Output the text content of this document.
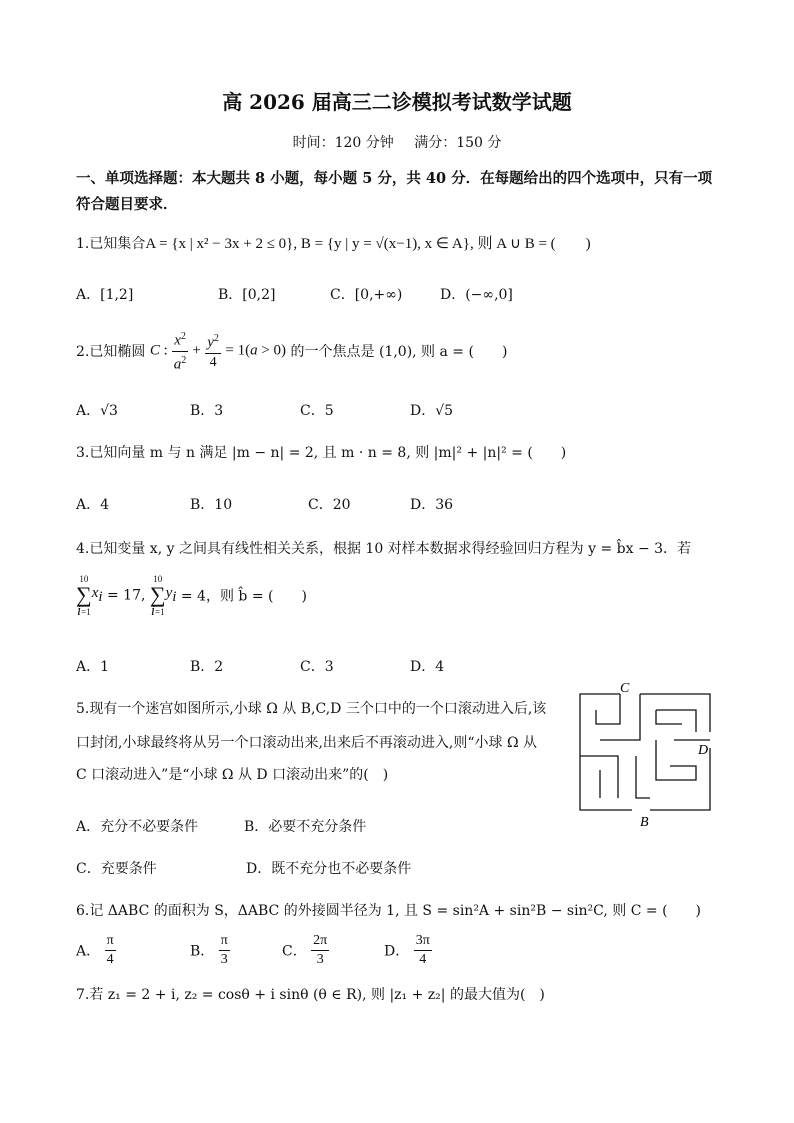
高 2026 届高三二诊模拟考试数学试题
时间：120 分钟 满分：150 分
一、单项选择题：本大题共 8 小题，每小题 5 分，共 40 分．在每题给出的四个选项中，只有一项符合题目要求．
1.已知集合A = {x | x² − 3x + 2 ≤ 0}, B = {y | y = √(x−1), x ∈ A}, 则 A ∪ B = (　　)
A．[1,2]	B．[0,2]	C．[0,+∞)	D．(−∞,0]
2.已知椭圆 C : $\frac{x^2}{a^2} + \frac{y^2}{4} = 1(a > 0)$ 的一个焦点是 (1,0), 则 a = (　　)
A．√3	B．3	C．5	D．√5
3.已知向量 m 与 n 满足 |m − n| = 2, 且 m · n = 8, 则 |m|² + |n|² = (　　)
A．4	B．10	C．20	D．36
4.已知变量 x, y 之间具有线性相关关系，根据 10 对样本数据求得经验回归方程为 y = b̂x − 3．若
10
∑
i=1
$x_i = 17$,
10
∑
i=1
$y_i = 4$，则 b̂ = (　　)
A．1	B．2	C．3	D．4
5.现有一个迷宫如图所示,小球 Ω 从 B,C,D 三个口中的一个口滚动进入后,该
口封闭,小球最终将从另一个口滚动出来,出来后不再滚动进入,则“小球 Ω 从
C 口滚动进入”是“小球 Ω 从 D 口滚动出来”的(　)
A．充分不必要条件	B．必要不充分条件
C．充要条件	D．既不充分也不必要条件
C
D
B
6.记 ΔABC 的面积为 S，ΔABC 的外接圆半径为 1, 且 S = sin²A + sin²B − sin²C, 则 C = (　　)
A． $\frac{\pi}{4}$	B． $\frac{\pi}{3}$	C． $\frac{2\pi}{3}$	D． $\frac{3\pi}{4}$
7.若 z₁ = 2 + i, z₂ = cosθ + i sinθ (θ ∈ R), 则 |z₁ + z₂| 的最大值为(　)
